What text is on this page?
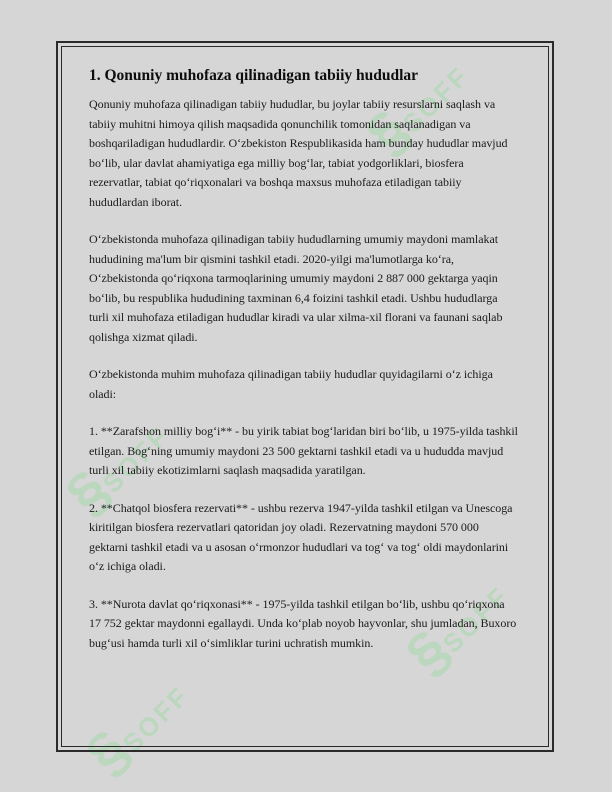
§ SOFF
§ SOFF
§ SOFF
§ SOFF
1. Qonuniy muhofaza qilinadigan tabiiy hududlar

Qonuniy muhofaza qilinadigan tabiiy hududlar, bu joylar tabiiy resurslarni saqlash va tabiiy muhitni himoya qilish maqsadida qonunchilik tomonidan saqlanadigan va boshqariladigan hududlardir. O‘zbekiston Respublikasida ham bunday hududlar mavjud bo‘lib, ular davlat ahamiyatiga ega milliy bog‘lar, tabiat yodgorliklari, biosfera rezervatlar, tabiat qo‘riqxonalari va boshqa maxsus muhofaza etiladigan tabiiy hududlardan iborat.

O‘zbekistonda muhofaza qilinadigan tabiiy hududlarning umumiy maydoni mamlakat hududining ma'lum bir qismini tashkil etadi. 2020-yilgi ma'lumotlarga ko‘ra, O‘zbekistonda qo‘riqxona tarmoqlarining umumiy maydoni 2 887 000 gektarga yaqin bo‘lib, bu respublika hududining taxminan 6,4 foizini tashkil etadi. Ushbu hududlarga turli xil muhofaza etiladigan hududlar kiradi va ular xilma-xil florani va faunani saqlab qolishga xizmat qiladi.

O‘zbekistonda muhim muhofaza qilinadigan tabiiy hududlar quyidagilarni o‘z ichiga oladi:

1. **Zarafshon milliy bog‘i** - bu yirik tabiat bog‘laridan biri bo‘lib, u 1975-yilda tashkil etilgan. Bog‘ning umumiy maydoni 23 500 gektarni tashkil etadi va u hududda mavjud turli xil tabiiy ekotizimlarni saqlash maqsadida yaratilgan.

2. **Chatqol biosfera rezervati** - ushbu rezerva 1947-yilda tashkil etilgan va Unescoga kiritilgan biosfera rezervatlari qatoridan joy oladi. Rezervatning maydoni 570 000 gektarni tashkil etadi va u asosan o‘rmonzor hududlari va tog‘ va tog‘ oldi maydonlarini o‘z ichiga oladi.

3. **Nurota davlat qo‘riqxonasi** - 1975-yilda tashkil etilgan bo‘lib, ushbu qo‘riqxona 17 752 gektar maydonni egallaydi. Unda ko‘plab noyob hayvonlar, shu jumladan, Buxoro bug‘usi hamda turli xil o‘simliklar turini uchratish mumkin.
